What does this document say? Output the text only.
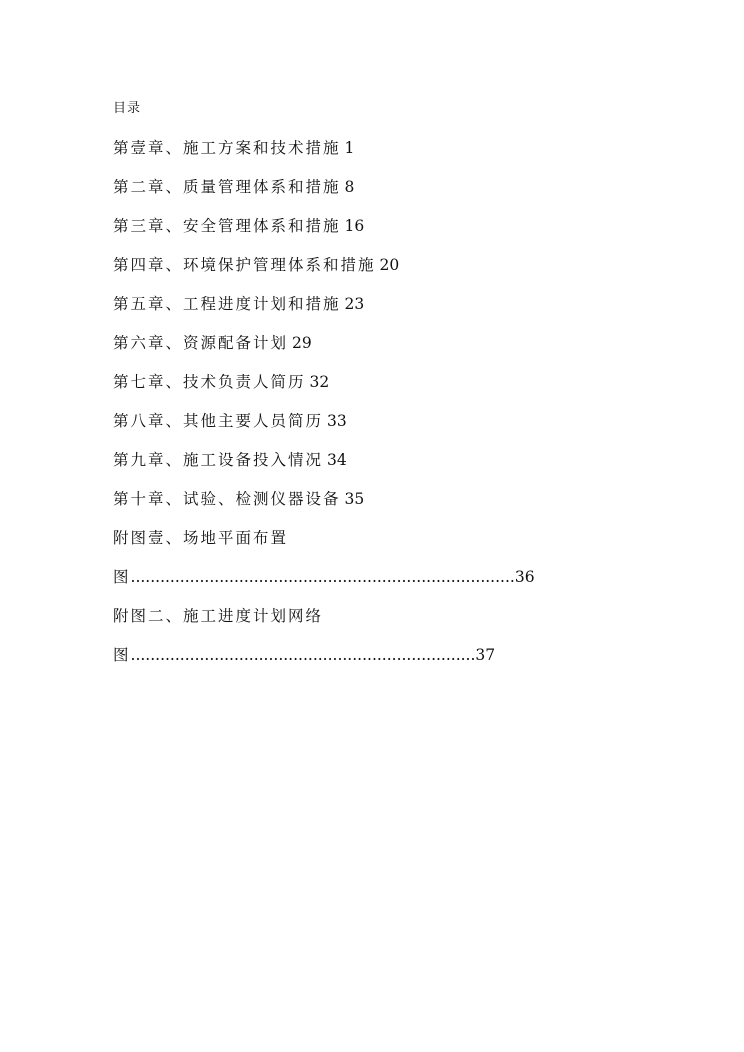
目录
第壹章、施工方案和技术措施 1
第二章、质量管理体系和措施 8
第三章、安全管理体系和措施 16
第四章、环境保护管理体系和措施 20
第五章、工程进度计划和措施 23
第六章、资源配备计划 29
第七章、技术负责人简历 32
第八章、其他主要人员简历 33
第九章、施工设备投入情况 34
第十章、试验、检测仪器设备 35
附图壹、场地平面布置
图..............................................................................36
附图二、施工进度计划网络
图......................................................................37
